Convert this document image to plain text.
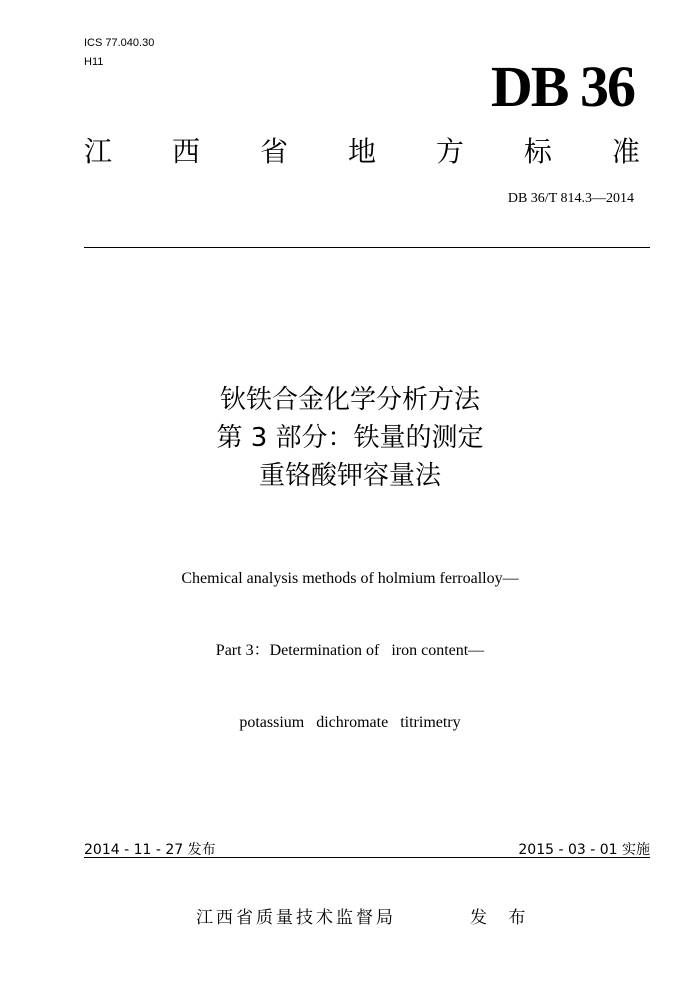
ICS 77.040.30
H11	DB 36
江 西 省 地 方 标 准
DB 36/T 814.3—2014
钬铁合金化学分析方法
第 3 部分：铁量的测定
重铬酸钾容量法

Chemical analysis methods of holmium ferroalloy—

Part 3：Determination of   iron content—

potassium   dichromate   titrimetry

2014 - 11 - 27 发布	2015 - 03 - 01 实施
江西省质量技术监督局	发 布
